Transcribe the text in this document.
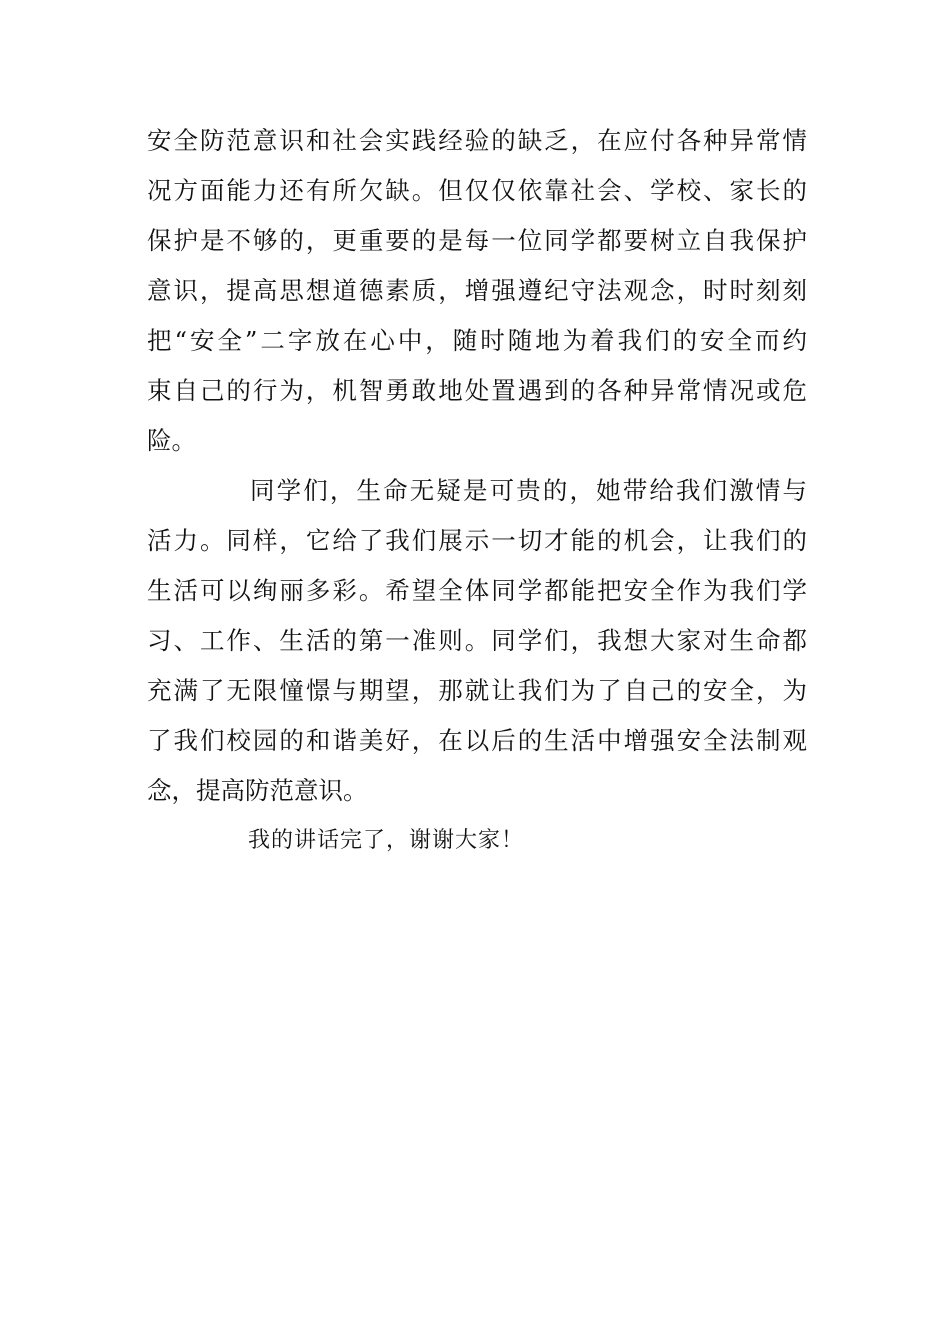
安全防范意识和社会实践经验的缺乏，在应付各种异常情
况方面能力还有所欠缺。但仅仅依靠社会、学校、家长的
保护是不够的，更重要的是每一位同学都要树立自我保护
意识，提高思想道德素质，增强遵纪守法观念，时时刻刻
把“安全”二字放在心中，随时随地为着我们的安全而约
束自己的行为，机智勇敢地处置遇到的各种异常情况或危
险。
同学们，生命无疑是可贵的，她带给我们激情与
活力。同样，它给了我们展示一切才能的机会，让我们的
生活可以绚丽多彩。希望全体同学都能把安全作为我们学
习、工作、生活的第一准则。同学们，我想大家对生命都
充满了无限憧憬与期望，那就让我们为了自己的安全，为
了我们校园的和谐美好，在以后的生活中增强安全法制观
念，提高防范意识。
我的讲话完了，谢谢大家！
